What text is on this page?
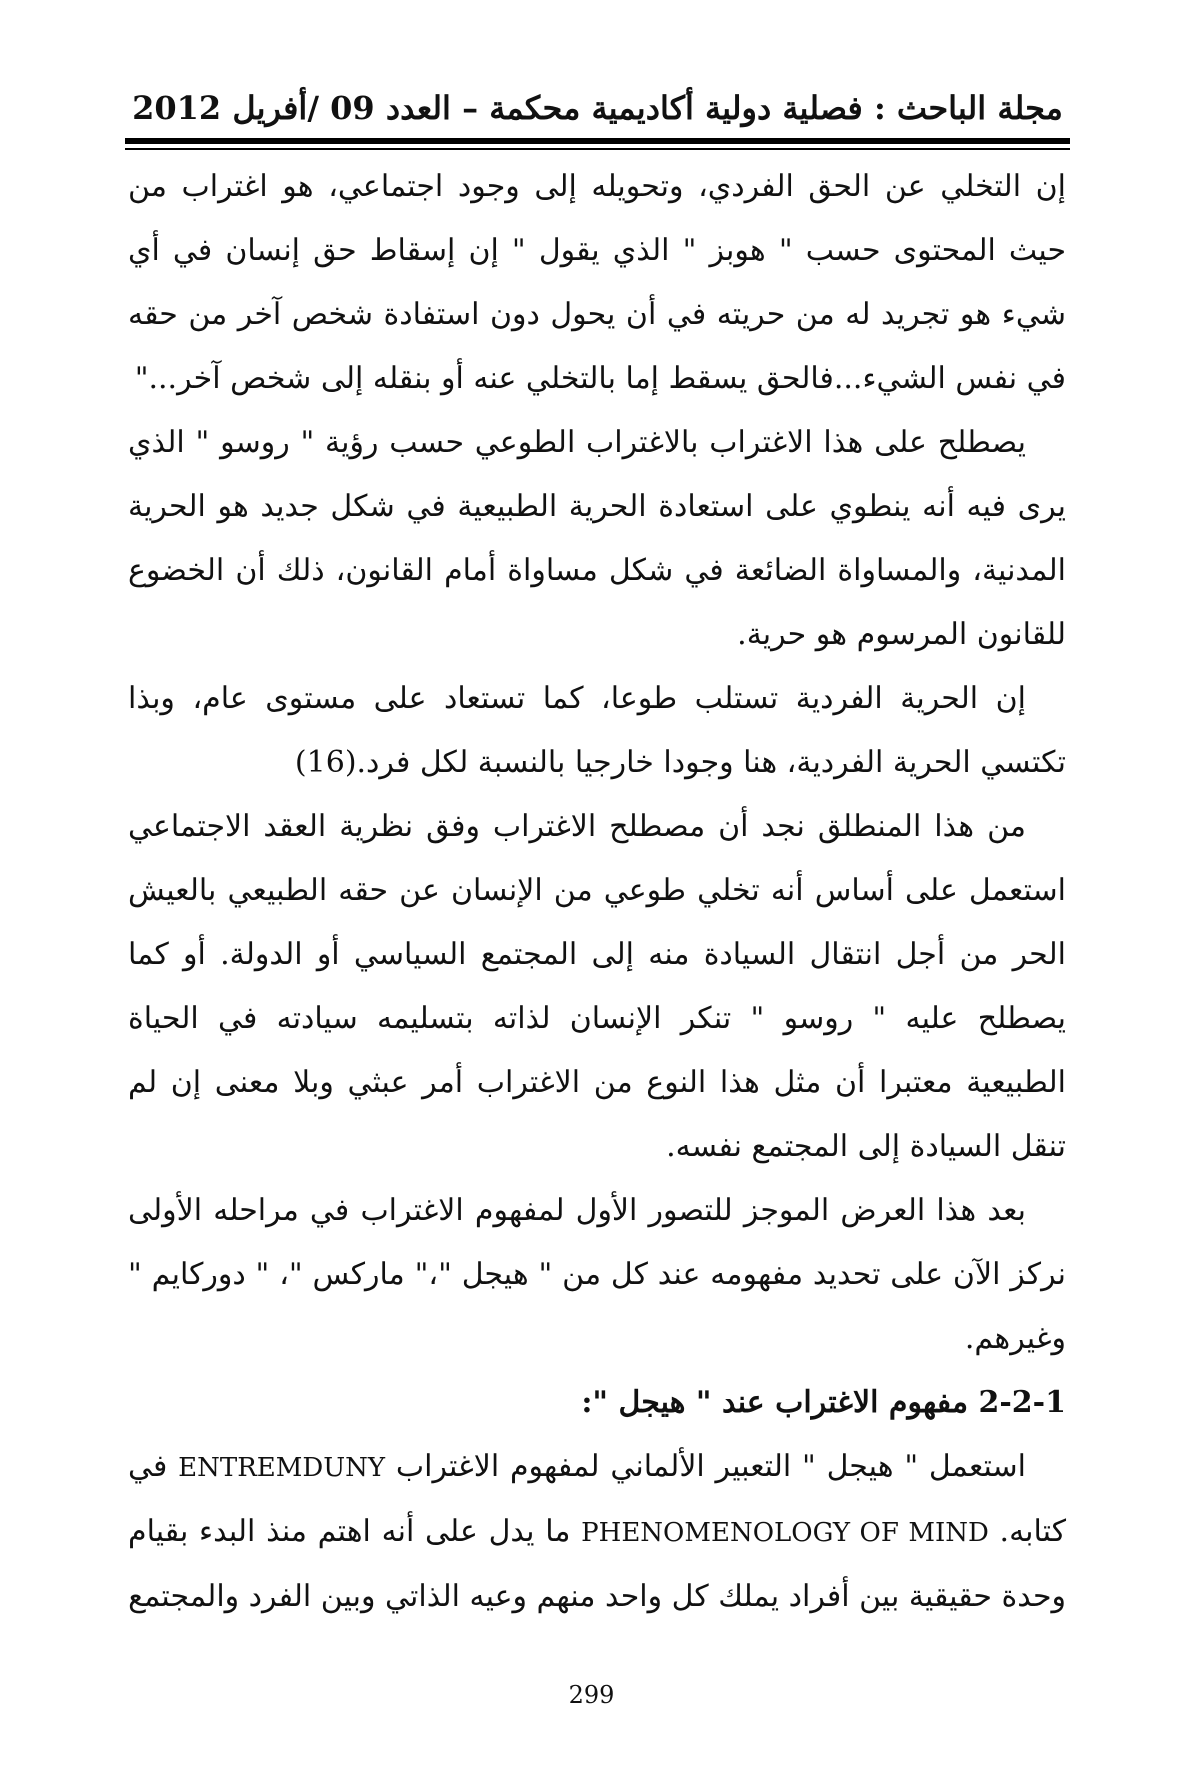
مجلة الباحث : فصلية دولية أكاديمية محكمة – العدد 09 /أفريل 2012

إن التخلي عن الحق الفردي، وتحويله إلى وجود اجتماعي، هو اغتراب من حيث المحتوى حسب " هوبز " الذي يقول " إن إسقاط حق إنسان في أي شيء هو تجريد له من حريته في أن يحول دون استفادة شخص آخر من حقه في نفس الشيء...فالحق يسقط إما بالتخلي عنه أو بنقله إلى شخص آخر..."

يصطلح على هذا الاغتراب بالاغتراب الطوعي حسب رؤية " روسو " الذي يرى فيه أنه ينطوي على استعادة الحرية الطبيعية في شكل جديد هو الحرية المدنية، والمساواة الضائعة في شكل مساواة أمام القانون، ذلك أن الخضوع للقانون المرسوم هو حرية.

إن الحرية الفردية تستلب طوعا، كما تستعاد على مستوى عام، وبذا تكتسي الحرية الفردية، هنا وجودا خارجيا بالنسبة لكل فرد.(16)

من هذا المنطلق نجد أن مصطلح الاغتراب وفق نظرية العقد الاجتماعي استعمل على أساس أنه تخلي طوعي من الإنسان عن حقه الطبيعي بالعيش الحر من أجل انتقال السيادة منه إلى المجتمع السياسي أو الدولة. أو كما يصطلح عليه " روسو " تنكر الإنسان لذاته بتسليمه سيادته في الحياة الطبيعية معتبرا أن مثل هذا النوع من الاغتراب أمر عبثي وبلا معنى إن لم تنقل السيادة إلى المجتمع نفسه.

بعد هذا العرض الموجز للتصور الأول لمفهوم الاغتراب في مراحله الأولى نركز الآن على تحديد مفهومه عند كل من " هيجل "،" ماركس "، " دوركايم " وغيرهم.

2-2-1 مفهوم الاغتراب عند " هيجل ":

استعمل " هيجل " التعبير الألماني لمفهوم الاغتراب ENTREMDUNY في كتابه. PHENOMENOLOGY OF MIND ما يدل على أنه اهتم منذ البدء بقيام وحدة حقيقية بين أفراد يملك كل واحد منهم وعيه الذاتي وبين الفرد والمجتمع

299
